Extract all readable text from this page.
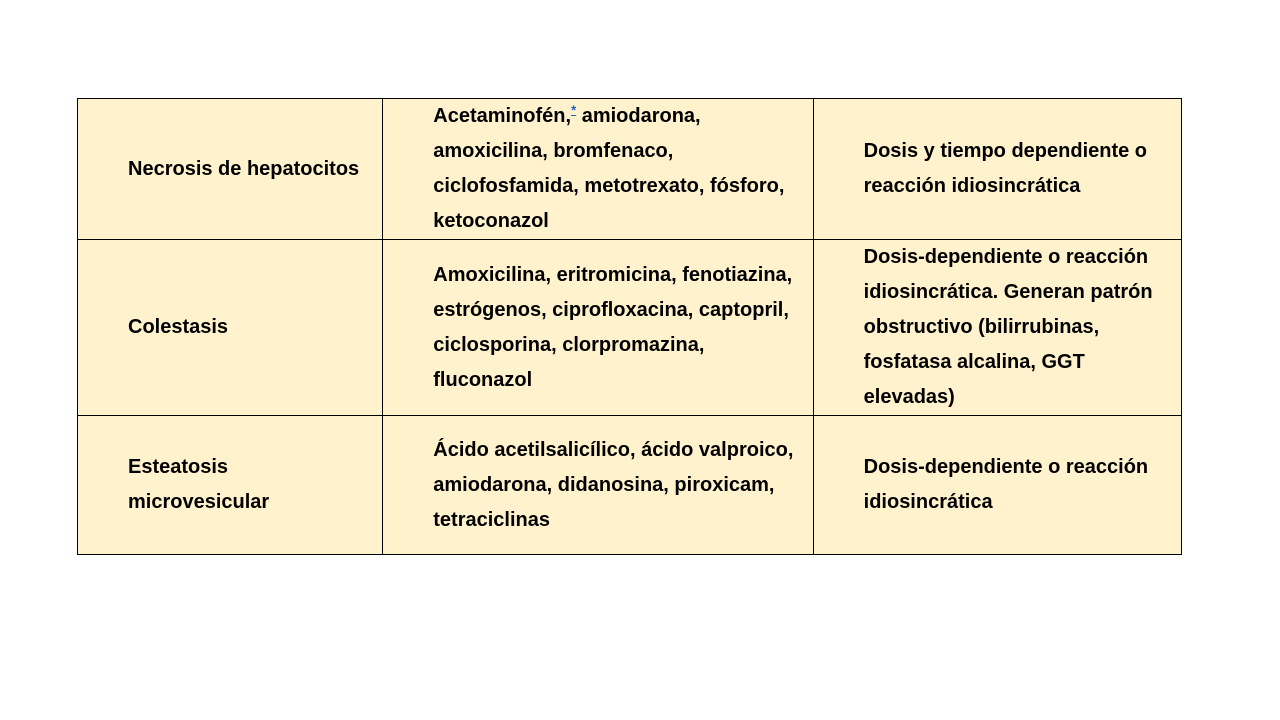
Necrosis de hepatocitos	Acetaminofén,* amiodarona, amoxicilina, bromfenaco, ciclofosfamida, metotrexato, fósforo, ketoconazol	Dosis y tiempo dependiente o reacción idiosincrática

Colestasis	Amoxicilina, eritromicina, fenotiazina, estrógenos, ciprofloxacina, captopril, ciclosporina, clorpromazina, fluconazol	Dosis-dependiente o reacción idiosincrática. Generan patrón obstructivo (bilirrubinas, fosfatasa alcalina, GGT elevadas)

Esteatosis microvesicular	Ácido acetilsalicílico, ácido valproico, amiodarona, didanosina, piroxicam, tetraciclinas	Dosis-dependiente o reacción idiosincrática
